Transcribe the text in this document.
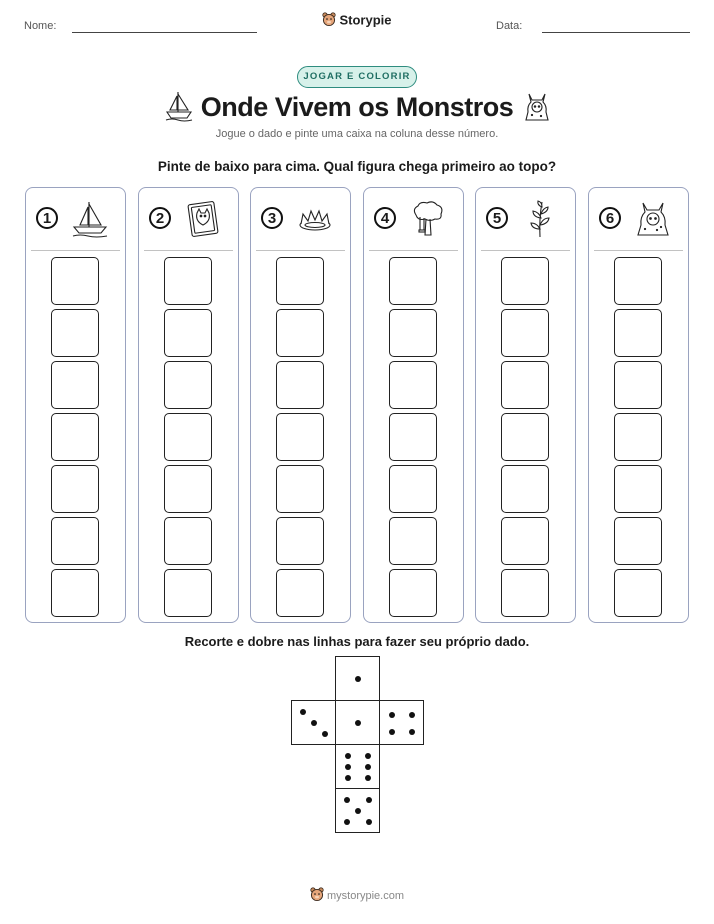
Nome:	Storypie	Data:
JOGAR E COLORIR
Onde Vivem os Monstros
Jogue o dado e pinte uma caixa na coluna desse número.
Pinte de baixo para cima. Qual figura chega primeiro ao topo?
1	2	3	4	5	6
Recorte e dobre nas linhas para fazer seu próprio dado.
mystorypie.com
